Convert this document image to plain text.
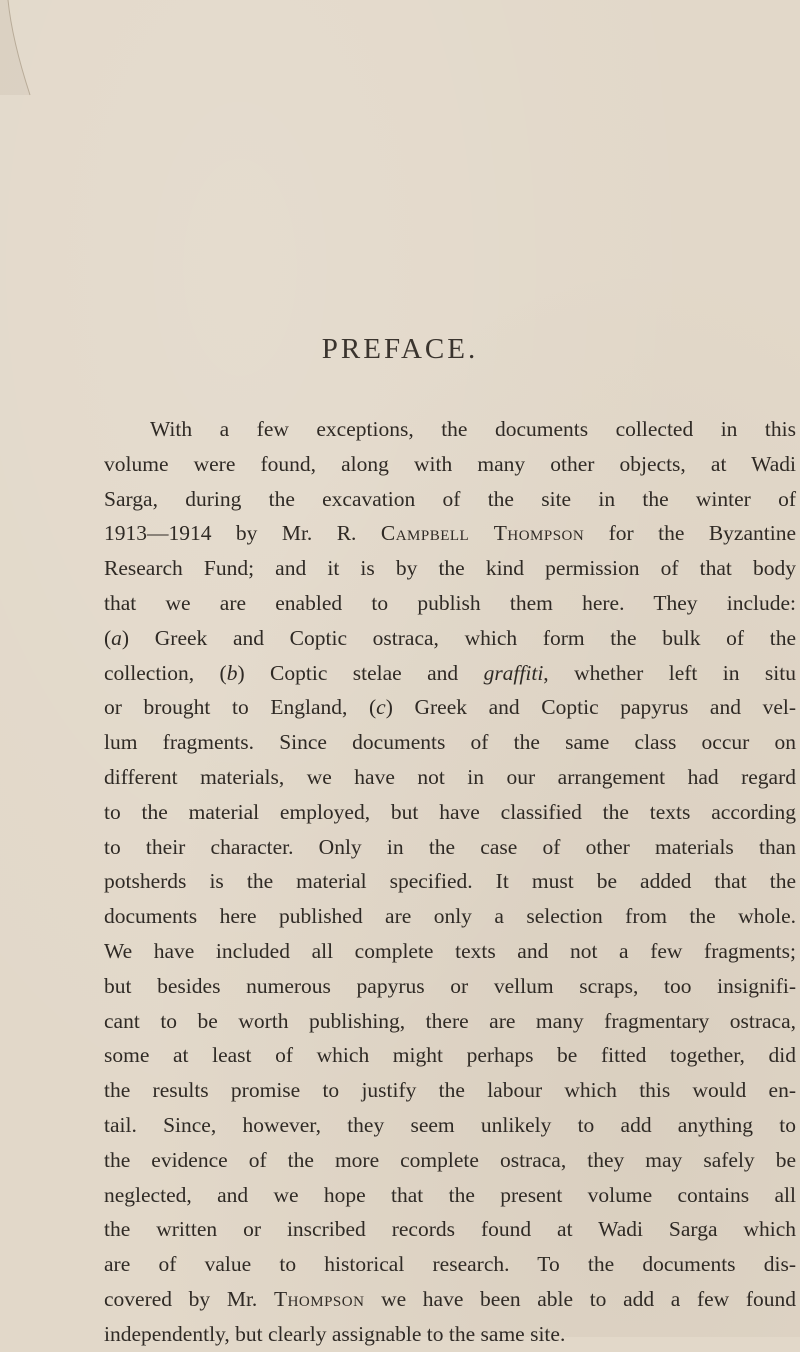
PREFACE.
With a few exceptions, the documents collected in this
volume were found, along with many other objects, at Wadi
Sarga, during the excavation of the site in the winter of
1913—1914 by Mr. R. Campbell Thompson for the Byzantine
Research Fund; and it is by the kind permission of that body
that we are enabled to publish them here. They include:
(a) Greek and Coptic ostraca, which form the bulk of the
collection, (b) Coptic stelae and graffiti, whether left in situ
or brought to England, (c) Greek and Coptic papyrus and vel-
lum fragments. Since documents of the same class occur on
different materials, we have not in our arrangement had regard
to the material employed, but have classified the texts according
to their character. Only in the case of other materials than
potsherds is the material specified. It must be added that the
documents here published are only a selection from the whole.
We have included all complete texts and not a few fragments;
but besides numerous papyrus or vellum scraps, too insignifi-
cant to be worth publishing, there are many fragmentary ostraca,
some at least of which might perhaps be fitted together, did
the results promise to justify the labour which this would en-
tail. Since, however, they seem unlikely to add anything to
the evidence of the more complete ostraca, they may safely be
neglected, and we hope that the present volume contains all
the written or inscribed records found at Wadi Sarga which
are of value to historical research. To the documents dis-
covered by Mr. Thompson we have been able to add a few found
independently, but clearly assignable to the same site.
